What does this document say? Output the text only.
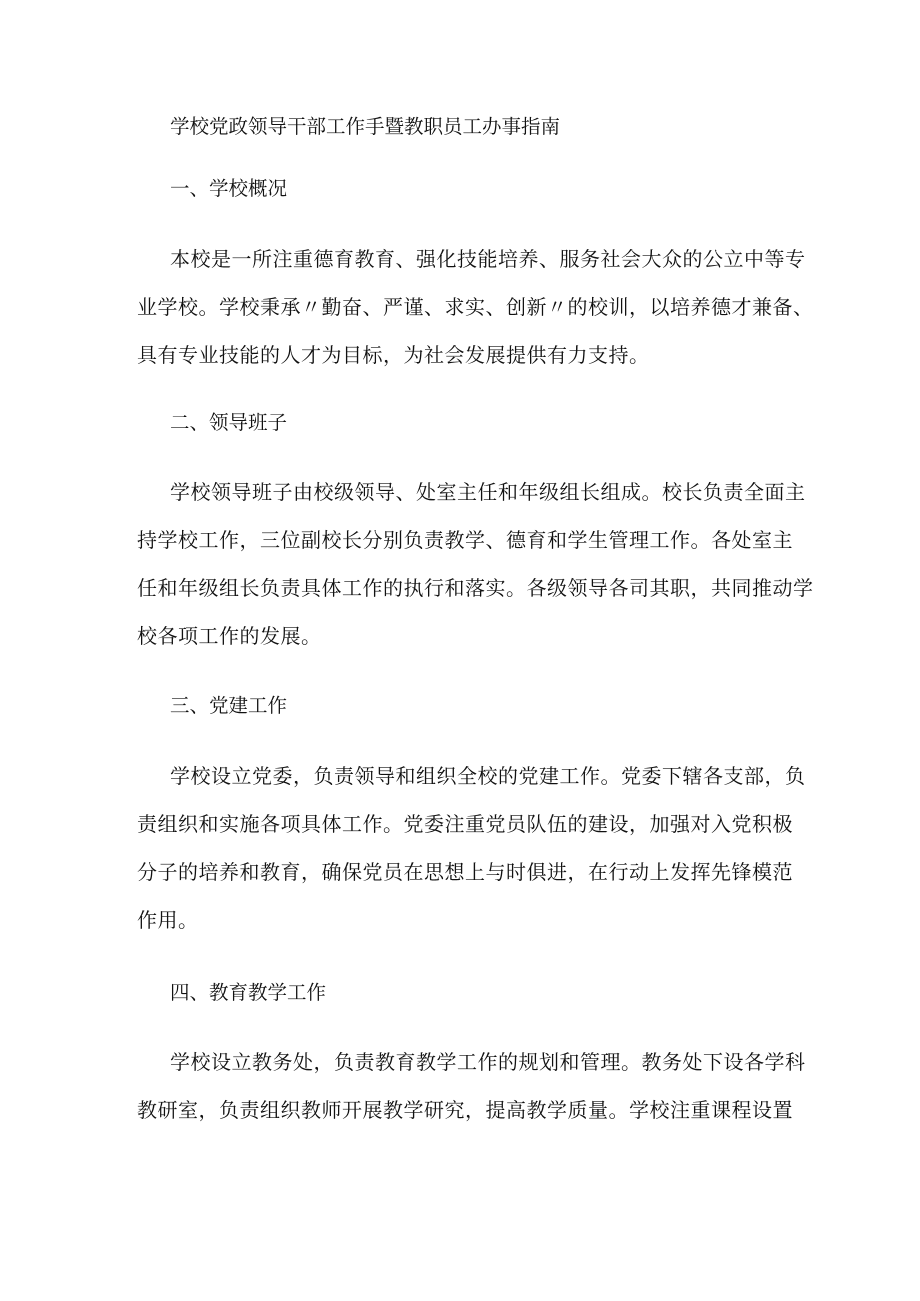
学校党政领导干部工作手暨教职员工办事指南
一、学校概况
本校是一所注重德育教育、强化技能培养、服务社会大众的公立中等专
业学校。学校秉承〃勤奋、严谨、求实、创新〃的校训，以培养德才兼备、
具有专业技能的人才为目标，为社会发展提供有力支持。
二、领导班子
学校领导班子由校级领导、处室主任和年级组长组成。校长负责全面主
持学校工作，三位副校长分别负责教学、德育和学生管理工作。各处室主
任和年级组长负责具体工作的执行和落实。各级领导各司其职，共同推动学
校各项工作的发展。
三、党建工作
学校设立党委，负责领导和组织全校的党建工作。党委下辖各支部，负
责组织和实施各项具体工作。党委注重党员队伍的建设，加强对入党积极
分子的培养和教育，确保党员在思想上与时俱进，在行动上发挥先锋模范
作用。
四、教育教学工作
学校设立教务处，负责教育教学工作的规划和管理。教务处下设各学科
教研室，负责组织教师开展教学研究，提高教学质量。学校注重课程设置
